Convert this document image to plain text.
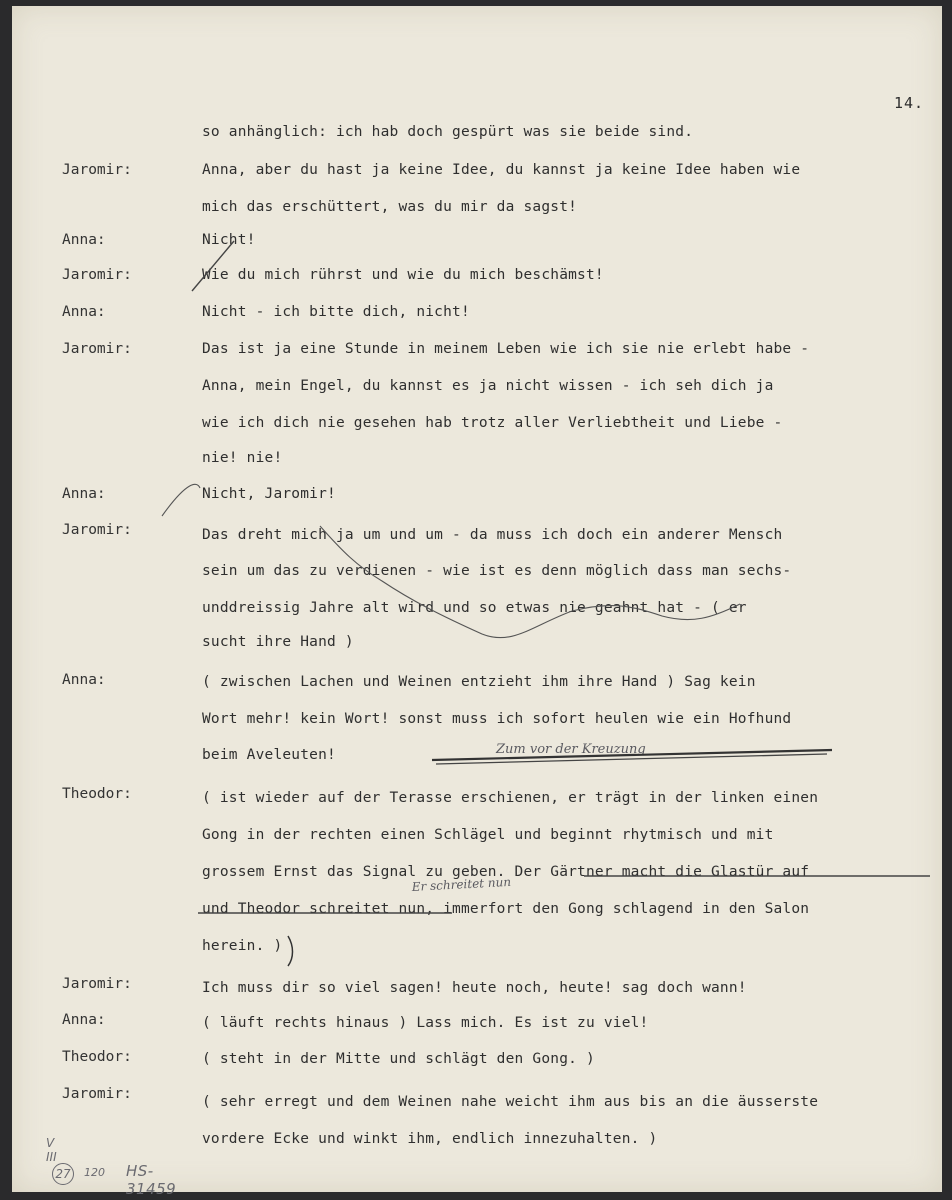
14.
so anhänglich: ich hab doch gespürt was sie beide sind.
Jaromir:	Anna, aber du hast ja keine Idee, du kannst ja keine Idee haben wie
mich das erschüttert, was du mir da sagst!
Anna:	Nicht!
Jaromir:	Wie du mich rührst und wie du mich beschämst!
Anna:	Nicht - ich bitte dich, nicht!
Jaromir:	Das ist ja eine Stunde in meinem Leben wie ich sie nie erlebt habe -
Anna, mein Engel, du kannst es ja nicht wissen - ich seh dich ja
wie ich dich nie gesehen hab trotz aller Verliebtheit und Liebe -
nie! nie!
Anna:	Nicht, Jaromir!
Jaromir:	Das dreht mich ja um und um - da muss ich doch ein anderer Mensch
sein um das zu verdienen - wie ist es denn möglich dass man sechs-
unddreissig Jahre alt wird und so etwas nie geahnt hat - ( er
sucht ihre Hand )
Anna:	( zwischen Lachen und Weinen entzieht ihm ihre Hand ) Sag kein
Wort mehr! kein Wort! sonst muss ich sofort heulen wie ein Hofhund
beim Aveleuten!
Theodor:	( ist wieder auf der Terasse erschienen, er trägt in der linken einen
Gong in der rechten einen Schlägel und beginnt rhytmisch und mit
grossem Ernst das Signal zu geben. Der Gärtner macht die Glastür auf
und Theodor schreitet nun, immerfort den Gong schlagend in den Salon
herein. )
Jaromir:	Ich muss dir so viel sagen! heute noch, heute! sag doch wann!
Anna:	( läuft rechts hinaus ) Lass mich. Es ist zu viel!
Theodor:	( steht in der Mitte und schlägt den Gong. )
Jaromir:	( sehr erregt und dem Weinen nahe weicht ihm aus bis an die äusserste
vordere Ecke und winkt ihm, endlich innezuhalten. )
Zum vor der Kreuzung
Er schreitet nun
V III
27	120 HS-31459
